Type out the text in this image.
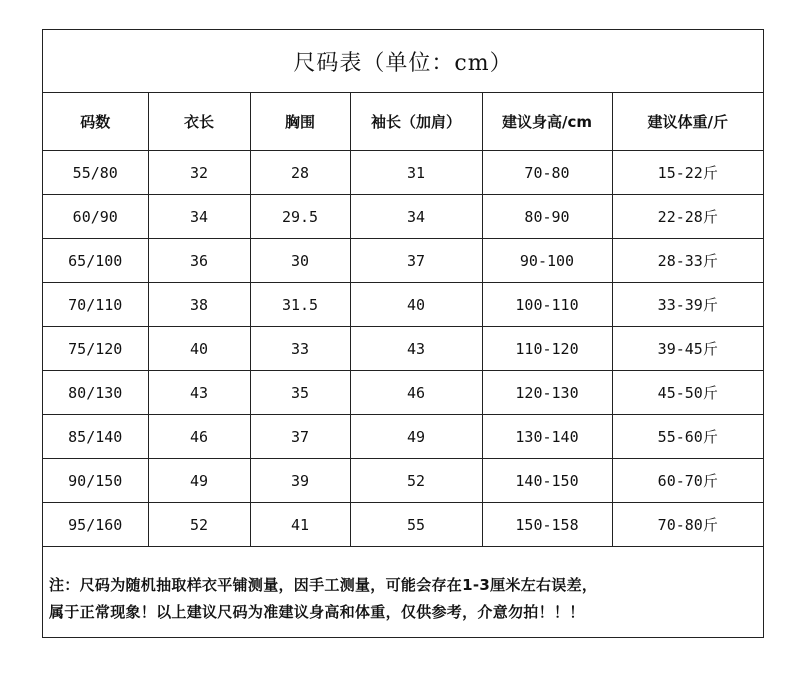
尺码表（单位：cm）
码数	衣长	胸围	袖长（加肩）	建议身高/cm	建议体重/斤
55/80	32	28	31	70-80	15-22斤
60/90	34	29.5	34	80-90	22-28斤
65/100	36	30	37	90-100	28-33斤
70/110	38	31.5	40	100-110	33-39斤
75/120	40	33	43	110-120	39-45斤
80/130	43	35	46	120-130	45-50斤
85/140	46	37	49	130-140	55-60斤
90/150	49	39	52	140-150	60-70斤
95/160	52	41	55	150-158	70-80斤
注：尺码为随机抽取样衣平铺测量，因手工测量，可能会存在1-3厘米左右误差，
属于正常现象！以上建议尺码为准建议身高和体重，仅供参考，介意勿拍！！！
